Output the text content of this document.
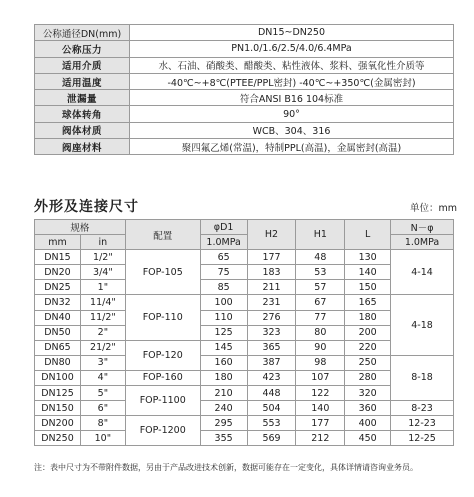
公称通径DN(mm)	DN15~DN250
公称压力	PN1.0/1.6/2.5/4.0/6.4MPa
适用介质	水、石油、硝酸类、醋酸类、粘性液体、浆料、强氧化性介质等
适用温度	-40℃~+8℃(PTEE/PPL密封) -40℃~+350℃(金属密封)
泄漏量	符合ANSI B16 104标准
球体转角	90°
阀体材质	WCB、304、316
阀座材料	聚四氟乙烯(常温)，特制PPL(高温)，金属密封(高温)
外形及连接尺寸	单位：mm
规格		配置	φD1	H2	H1	L	N－φ
mm	in		1.0MPa				1.0MPa
DN15	1/2"	FOP-105	65	177	48	130	4-14
DN20	3/4"		75	183	53	140	
DN25	1"		85	211	57	150	
DN32	11/4"	FOP-110	100	231	67	165	4-18
DN40	11/2"		110	276	77	180	
DN50	2"		125	323	80	200	
DN65	21/2"	FOP-120	145	365	90	220	
DN80	3"		160	387	98	250	8-18
DN100	4"	FOP-160	180	423	107	280	
DN125	5"	FOP-1100	210	448	122	320	
DN150	6"		240	504	140	360	8-23
DN200	8"	FOP-1200	295	553	177	400	12-23
DN250	10"		355	569	212	450	12-25

注：表中尺寸为不带附件数据，另由于产品改进技术创新，数据可能存在一定变化，具体详情请咨询业务员。
